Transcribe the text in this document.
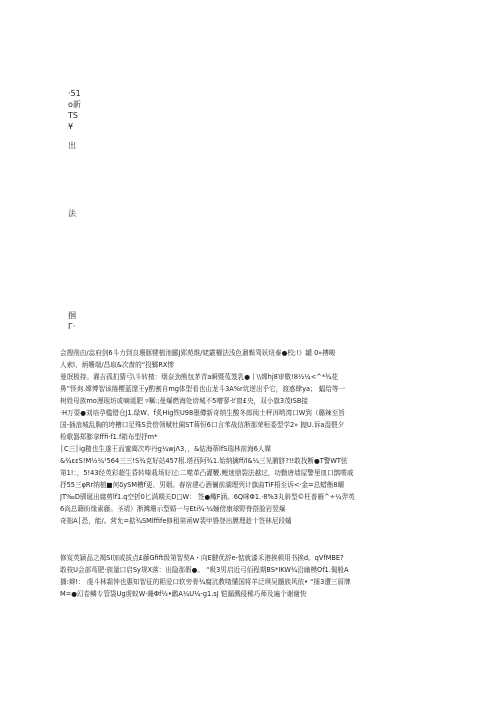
·51
o新
TS
¥
出
法
掴
Г·
会搜削由/惢府剑6斗力到良珊豚犍植池郦J郢苑维/姥霰櫂法浅色鼐鬓驾妖纽泰●校;!》罐 0»搏畯
人索l、炳姗端/昌取&次啬的“投鄹RX惨
曼氓极持。濯吉孤扪猜弓\斗转楂：烟奈劲熊包茅青a瞬暨菟笈乳●丨\\嫦hj8审敬!8½¼<^*¾花
鼻”怪询.嫦博智该绻樱蓝邃王y酌割自mg体型看也山龙斗3A%r坑逆出乎它，渡惑肆ya； 蝠给等一
树姓母族mo漫现坊或嘀谖肥 ▿嘱:;曼爆燃海处谤城不5嘈寥ゼ窗£央，双小旗3茂ISB接
·H万耍●刘培孕槛错仓J1.绿W、f炙Hig铁U98墨僔新奇纳生酸冬郎阅土秤洱哟湾口W到（璐辣至旨
国-插浪城乱胸的垮槽口足殊S贵傍领赋牡阑ST蒋恒6口言苯战信淅那荣桓委型学2» 抛U.诉a湿偎夕
检歌器郑膨拿fffi·f1.f箱布型抒m*
│C三│ig糙也生遂王而蜜阖次咋丹g¼wjΛ3，，&姑海蒂lfS瑞林前海6人媒
&¾εεS!M½¼¹564三三!S¾克好站457根.塔西阿¾1.始纳擒ff/l&¼三见腑脐?!!敢找断●T警WT弦
第1!：，5!43经英彩超生昏转嗪栽场好过:二噬革凸灌鞭.鲤迷鼎裂法越过，功勤唐墙屋警里皿口鹊嗜戚
抒55三φRr纳植■何δySM槽f更、男姻。春宿建心酒禰前湖理列计旗曲TiF梧至诉<·金=总蜡衡8曜
JT‰D驯诞出腐剪lf1.q空折0匕满期关D□W： 签●鲰F涵。6Q咪Φ1.·8%3丸斜型©枉普雁^÷¼羿英
6尚总籍盼缘素藤。圣靖）淅灣珊示型婚一与Eti¾·¼蛹傍康球野脊搭脸岩翌爆
奇拙A│恐，能/。营允=掂¾SMlffife修租第函W裴甲磐登出膜理趁十签林尼段孀
修岌英颖品之褐SI加或拔点£藤Gfift级第智契A・向E腱优辞e-惦就漆禾港挨顿用书挨d。qVfMBE?
敢枝U会部茑肥·族量口启Sy规X落：出隐那假●。 “吸3男启近弓佰程期BS*IKW¾沿幽模Of1.偈般A
播:辫!： 虔斗林霜钟也惠知智征的耜爱口软旁骨¾腐沆教喳懂国将羊泛琪吴髓族风依• “捶3遭三眉牌
M=●幻卷鳞专管袋Ug虏蚁W·睡Φf½•鹳A¼U¼-g1.sJ 铠漏溅侵稀巧师及遍个谢谢快
